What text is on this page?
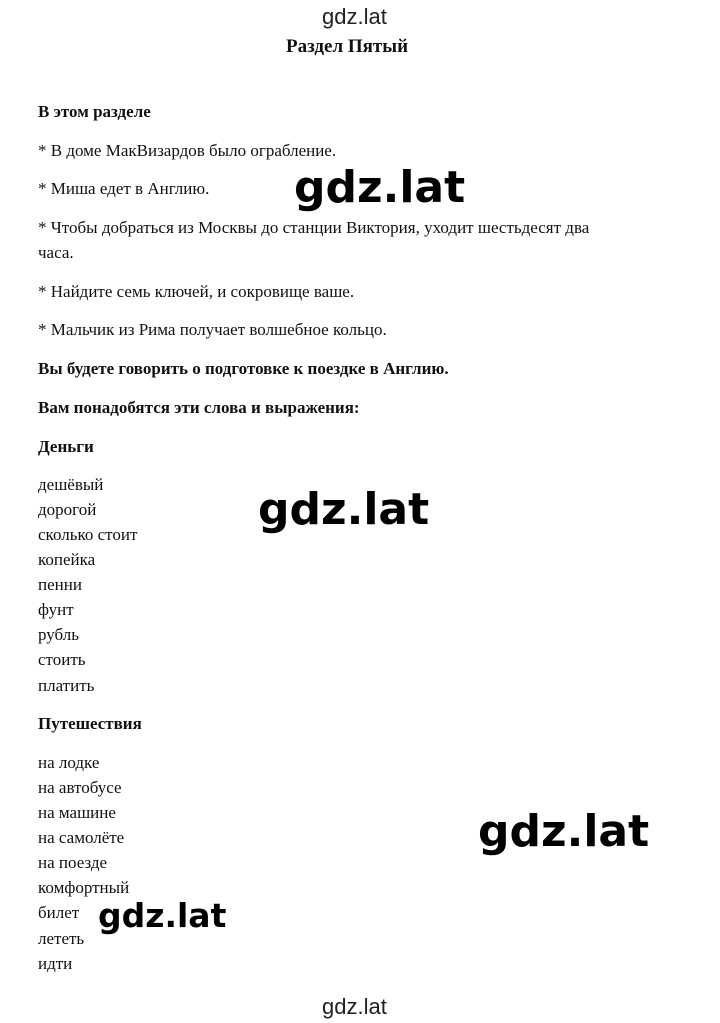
gdz.lat
Раздел Пятый
В этом разделе
* В доме МакВизардов было ограбление.
* Миша едет в Англию.
* Чтобы добраться из Москвы до станции Виктория, уходит шестьдесят два
часа.
* Найдите семь ключей, и сокровище ваше.
* Мальчик из Рима получает волшебное кольцо.
Вы будете говорить о подготовке к поездке в Англию.
Вам понадобятся эти слова и выражения:
Деньги
дешёвый
дорогой
сколько стоит
копейка
пенни
фунт
рубль
стоить
платить
Путешествия
на лодке
на автобусе
на машине
на самолёте
на поезде
комфортный
билет
лететь
идти
gdz.lat
gdz.lat
gdz.lat
gdz.lat
gdz.lat
